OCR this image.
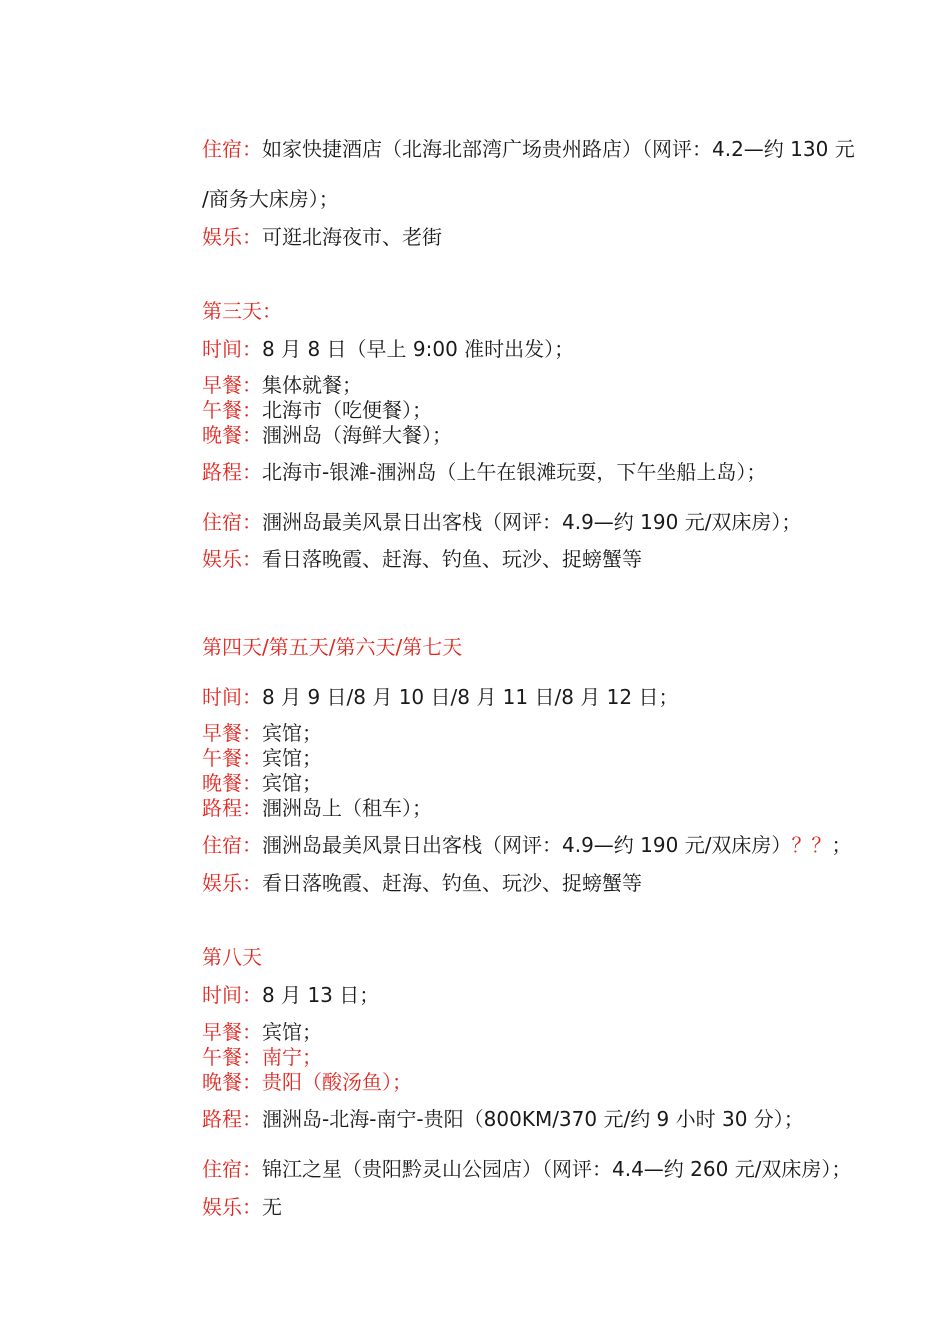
住宿：如家快捷酒店（北海北部湾广场贵州路店）（网评：4.2—约 130 元
/商务大床房）；
娱乐：可逛北海夜市、老街
第三天：
时间：8 月 8 日（早上 9:00 准时出发）；
早餐：集体就餐；
午餐：北海市（吃便餐）；
晚餐：涠洲岛（海鲜大餐）；
路程：北海市-银滩-涠洲岛（上午在银滩玩耍，下午坐船上岛）；
住宿：涠洲岛最美风景日出客栈（网评：4.9—约 190 元/双床房）；
娱乐：看日落晚霞、赶海、钓鱼、玩沙、捉螃蟹等
第四天/第五天/第六天/第七天
时间：8 月 9 日/8 月 10 日/8 月 11 日/8 月 12 日；
早餐：宾馆；
午餐：宾馆；
晚餐：宾馆；
路程：涠洲岛上（租车）；
住宿：涠洲岛最美风景日出客栈（网评：4.9—约 190 元/双床房）？？；
娱乐：看日落晚霞、赶海、钓鱼、玩沙、捉螃蟹等
第八天
时间：8 月 13 日；
早餐：宾馆；
午餐：南宁；
晚餐：贵阳（酸汤鱼）；
路程：涠洲岛-北海-南宁-贵阳（800KM/370 元/约 9 小时 30 分）；
住宿：锦江之星（贵阳黔灵山公园店）（网评：4.4—约 260 元/双床房）；
娱乐：无
